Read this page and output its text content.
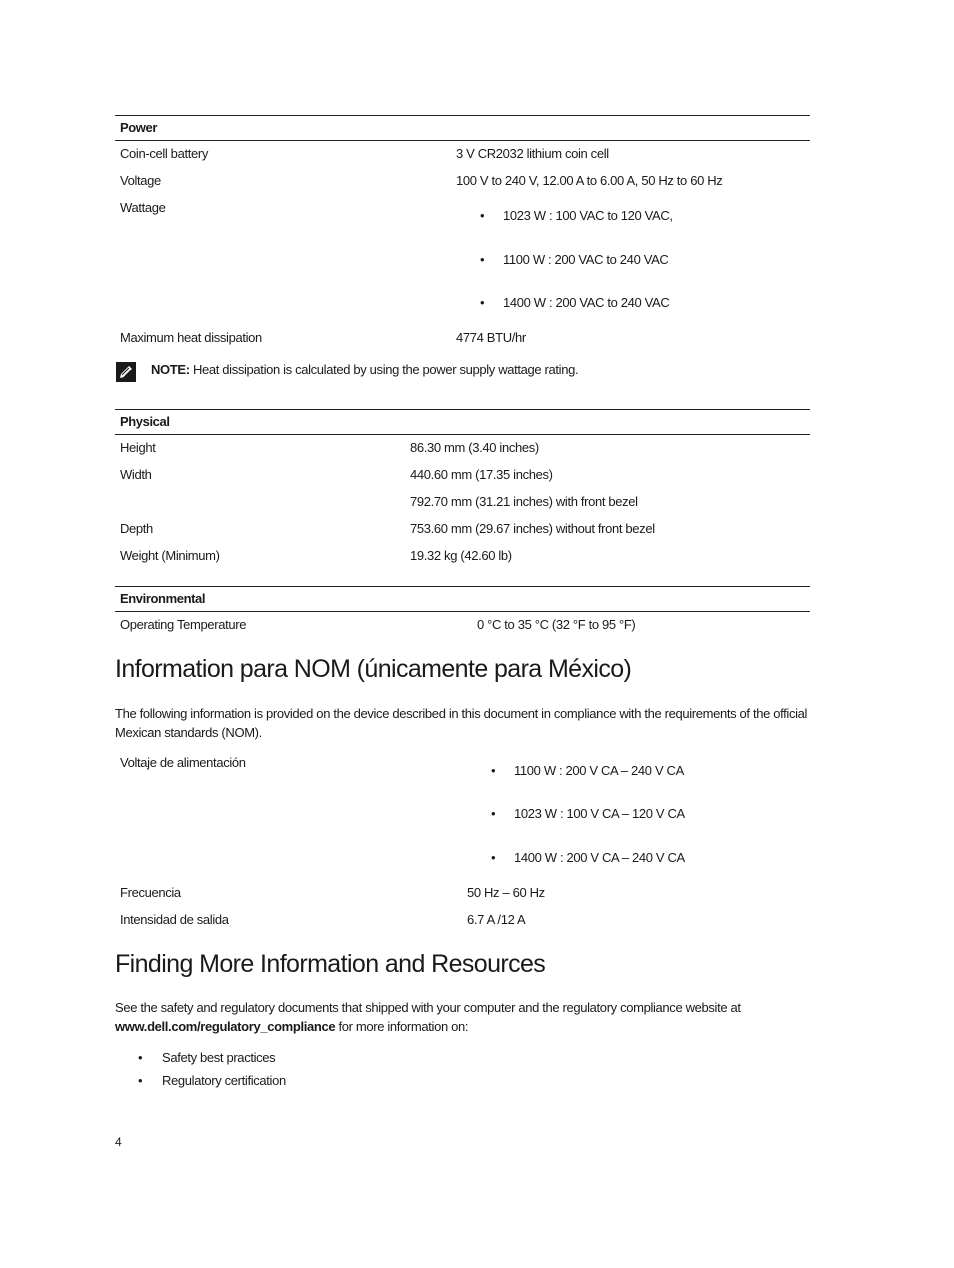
Power
Coin-cell battery	3 V CR2032 lithium coin cell
Voltage	100 V to 240 V, 12.00 A to 6.00 A, 50 Hz to 60 Hz
Wattage
• 1023 W : 100 VAC to 120 VAC,
• 1100 W : 200 VAC to 240 VAC
• 1400 W : 200 VAC to 240 VAC
Maximum heat dissipation	4774 BTU/hr
NOTE: Heat dissipation is calculated by using the power supply wattage rating.
Physical
Height	86.30 mm (3.40 inches)
Width	440.60 mm (17.35 inches)
792.70 mm (31.21 inches) with front bezel
Depth	753.60 mm (29.67 inches) without front bezel
Weight (Minimum)	19.32 kg (42.60 lb)
Environmental
Operating Temperature	0 °C to 35 °C (32 °F to 95 °F)
Information para NOM (únicamente para México)
The following information is provided on the device described in this document in compliance with the requirements of the official Mexican standards (NOM).
Voltaje de alimentación
• 1100 W : 200 V CA – 240 V CA
• 1023 W : 100 V CA – 120 V CA
• 1400 W : 200 V CA – 240 V CA
Frecuencia	50 Hz – 60 Hz
Intensidad de salida	6.7 A /12 A
Finding More Information and Resources
See the safety and regulatory documents that shipped with your computer and the regulatory compliance website at www.dell.com/regulatory_compliance for more information on:
• Safety best practices
• Regulatory certification
4
